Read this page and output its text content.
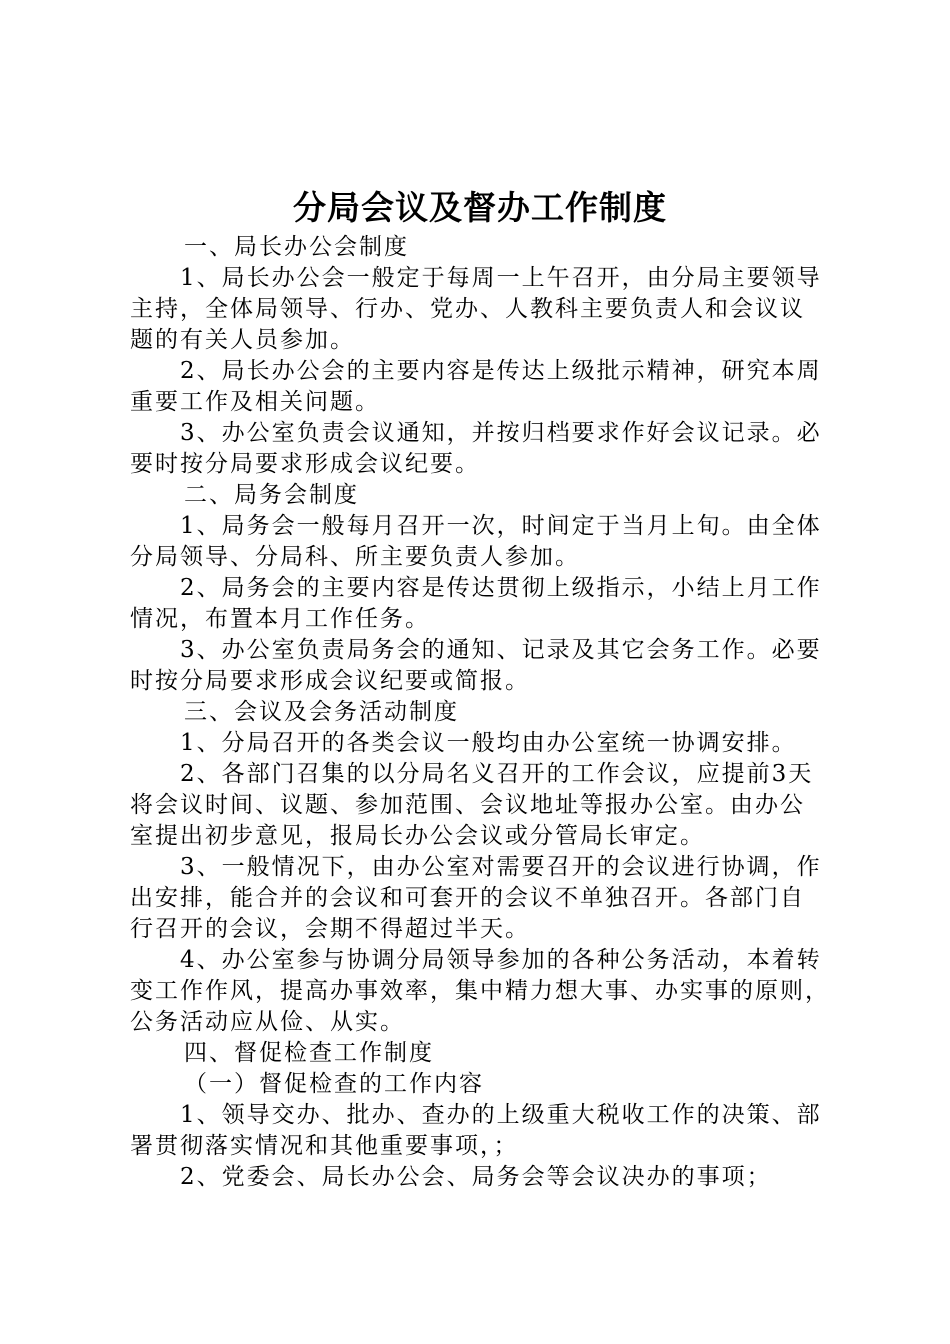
分局会议及督办工作制度

一、局长办公会制度

1、局长办公会一般定于每周一上午召开，由分局主要领导

主持，全体局领导、行办、党办、人教科主要负责人和会议议

题的有关人员参加。

2、局长办公会的主要内容是传达上级批示精神，研究本周

重要工作及相关问题。

3、办公室负责会议通知，并按归档要求作好会议记录。必

要时按分局要求形成会议纪要。

二、局务会制度

1、局务会一般每月召开一次，时间定于当月上旬。由全体

分局领导、分局科、所主要负责人参加。

2、局务会的主要内容是传达贯彻上级指示，小结上月工作

情况，布置本月工作任务。

3、办公室负责局务会的通知、记录及其它会务工作。必要

时按分局要求形成会议纪要或简报。

三、会议及会务活动制度

1、分局召开的各类会议一般均由办公室统一协调安排。

2、各部门召集的以分局名义召开的工作会议，应提前3天

将会议时间、议题、参加范围、会议地址等报办公室。由办公

室提出初步意见，报局长办公会议或分管局长审定。

3、一般情况下，由办公室对需要召开的会议进行协调，作

出安排，能合并的会议和可套开的会议不单独召开。各部门自

行召开的会议，会期不得超过半天。

4、办公室参与协调分局领导参加的各种公务活动，本着转

变工作作风，提高办事效率，集中精力想大事、办实事的原则，

公务活动应从俭、从实。

四、督促检查工作制度

（一）督促检查的工作内容

1、领导交办、批办、查办的上级重大税收工作的决策、部

署贯彻落实情况和其他重要事项，；

2、党委会、局长办公会、局务会等会议决办的事项；
